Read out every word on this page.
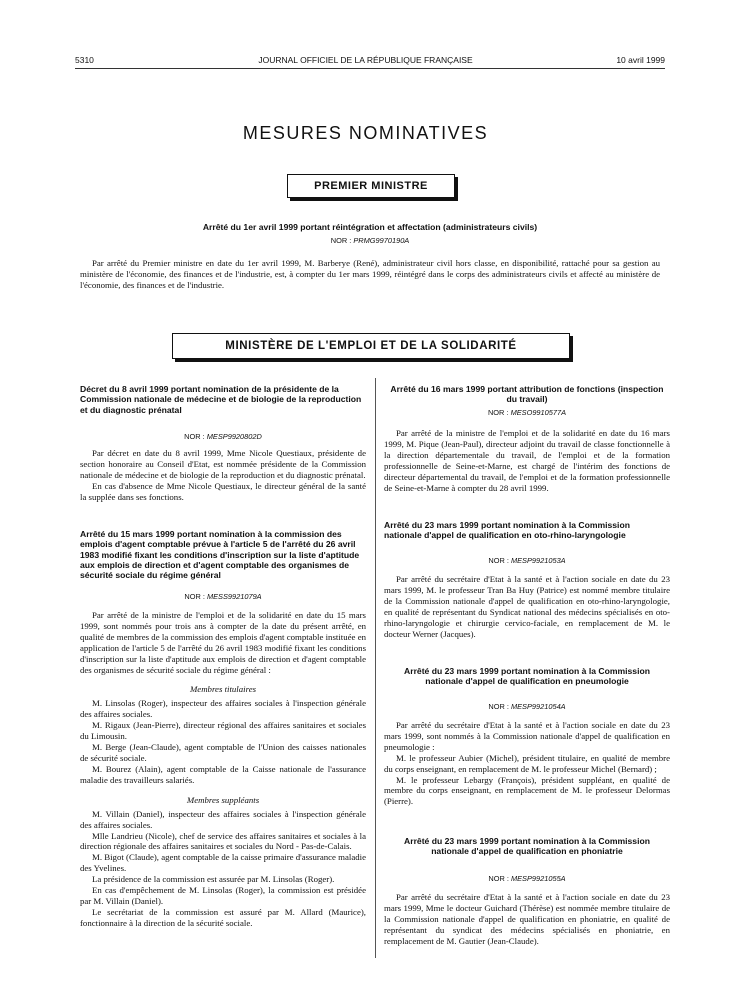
5310	JOURNAL OFFICIEL DE LA RÉPUBLIQUE FRANÇAISE	10 avril 1999
MESURES NOMINATIVES
PREMIER MINISTRE
Arrêté du 1er avril 1999 portant réintégration et affectation (administrateurs civils)
NOR : PRMG9970190A

Par arrêté du Premier ministre en date du 1er avril 1999, M. Barberye (René), administrateur civil hors classe, en disponibilité, rattaché pour sa gestion au ministère de l'économie, des finances et de l'industrie, est, à compter du 1er mars 1999, réintégré dans le corps des administrateurs civils et affecté au ministère de l'économie, des finances et de l'industrie.

MINISTÈRE DE L'EMPLOI ET DE LA SOLIDARITÉ
Décret du 8 avril 1999 portant nomination de la présidente de la Commission nationale de médecine et de biologie de la reproduction et du diagnostic prénatal
NOR : MESP9920802D

Par décret en date du 8 avril 1999, Mme Nicole Questiaux, présidente de section honoraire au Conseil d'Etat, est nommée présidente de la Commission nationale de médecine et de biologie de la reproduction et du diagnostic prénatal.

En cas d'absence de Mme Nicole Questiaux, le directeur général de la santé la supplée dans ses fonctions.

Arrêté du 15 mars 1999 portant nomination à la commission des emplois d'agent comptable prévue à l'article 5 de l'arrêté du 26 avril 1983 modifié fixant les conditions d'inscription sur la liste d'aptitude aux emplois de direction et d'agent comptable des organismes de sécurité sociale du régime général
NOR : MESS9921079A

Par arrêté de la ministre de l'emploi et de la solidarité en date du 15 mars 1999, sont nommés pour trois ans à compter de la date du présent arrêté, en qualité de membres de la commission des emplois d'agent comptable instituée en application de l'article 5 de l'arrêté du 26 avril 1983 modifié fixant les conditions d'inscription sur la liste d'aptitude aux emplois de direction et d'agent comptable des organismes de sécurité sociale du régime général :

Membres titulaires

M. Linsolas (Roger), inspecteur des affaires sociales à l'inspection générale des affaires sociales.

M. Rigaux (Jean-Pierre), directeur régional des affaires sanitaires et sociales du Limousin.

M. Berge (Jean-Claude), agent comptable de l'Union des caisses nationales de sécurité sociale.

M. Bourez (Alain), agent comptable de la Caisse nationale de l'assurance maladie des travailleurs salariés.

Membres suppléants

M. Villain (Daniel), inspecteur des affaires sociales à l'inspection générale des affaires sociales.

Mlle Landrieu (Nicole), chef de service des affaires sanitaires et sociales à la direction régionale des affaires sanitaires et sociales du Nord - Pas-de-Calais.

M. Bigot (Claude), agent comptable de la caisse primaire d'assurance maladie des Yvelines.

La présidence de la commission est assurée par M. Linsolas (Roger).

En cas d'empêchement de M. Linsolas (Roger), la commission est présidée par M. Villain (Daniel).

Le secrétariat de la commission est assuré par M. Allard (Maurice), fonctionnaire à la direction de la sécurité sociale.

Arrêté du 16 mars 1999 portant attribution de fonctions (inspection du travail)
NOR : MESO9910577A

Par arrêté de la ministre de l'emploi et de la solidarité en date du 16 mars 1999, M. Pique (Jean-Paul), directeur adjoint du travail de classe fonctionnelle à la direction départementale du travail, de l'emploi et de la formation professionnelle de Seine-et-Marne, est chargé de l'intérim des fonctions de directeur départemental du travail, de l'emploi et de la formation professionnelle de Seine-et-Marne à compter du 28 avril 1999.

Arrêté du 23 mars 1999 portant nomination à la Commission nationale d'appel de qualification en oto-rhino-laryngologie
NOR : MESP9921053A

Par arrêté du secrétaire d'Etat à la santé et à l'action sociale en date du 23 mars 1999, M. le professeur Tran Ba Huy (Patrice) est nommé membre titulaire de la Commission nationale d'appel de qualification en oto-rhino-laryngologie, en qualité de représentant du Syndicat national des médecins spécialisés en oto-rhino-laryngologie et chirurgie cervico-faciale, en remplacement de M. le docteur Werner (Jacques).

Arrêté du 23 mars 1999 portant nomination à la Commission nationale d'appel de qualification en pneumologie
NOR : MESP9921054A

Par arrêté du secrétaire d'Etat à la santé et à l'action sociale en date du 23 mars 1999, sont nommés à la Commission nationale d'appel de qualification en pneumologie :

M. le professeur Aubier (Michel), président titulaire, en qualité de membre du corps enseignant, en remplacement de M. le professeur Michel (Bernard) ;

M. le professeur Lebargy (François), président suppléant, en qualité de membre du corps enseignant, en remplacement de M. le professeur Delormas (Pierre).

Arrêté du 23 mars 1999 portant nomination à la Commission nationale d'appel de qualification en phoniatrie
NOR : MESP9921055A

Par arrêté du secrétaire d'Etat à la santé et à l'action sociale en date du 23 mars 1999, Mme le docteur Guichard (Thérèse) est nommée membre titulaire de la Commission nationale d'appel de qualification en phoniatrie, en qualité de représentant du syndicat des médecins spécialisés en phoniatrie, en remplacement de M. Gautier (Jean-Claude).
